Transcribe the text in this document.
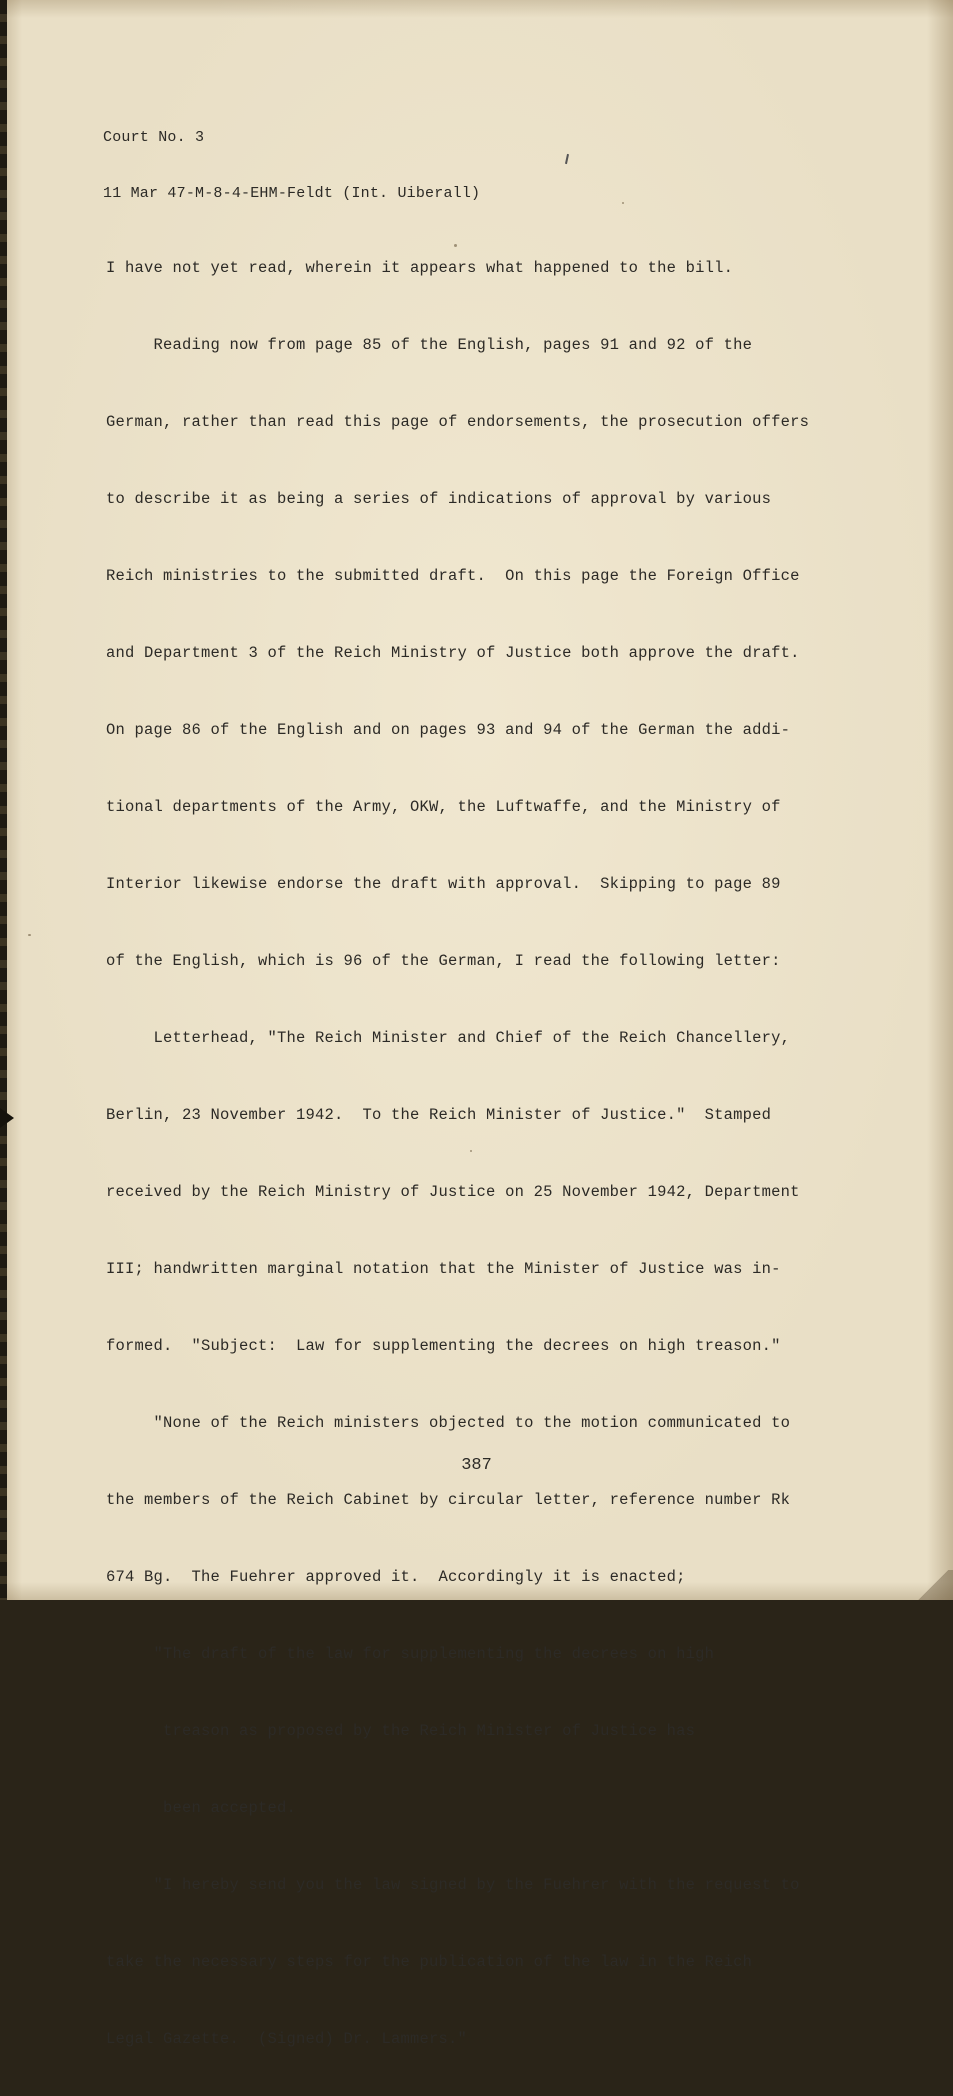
Court No. 3

11 Mar 47-M-8-4-EHM-Feldt (Int. Uiberall)

I have not yet read, wherein it appears what happened to the bill.

Reading now from page 85 of the English, pages 91 and 92 of the

German, rather than read this page of endorsements, the prosecution offers

to describe it as being a series of indications of approval by various

Reich ministries to the submitted draft.  On this page the Foreign Office

and Department 3 of the Reich Ministry of Justice both approve the draft.

On page 86 of the English and on pages 93 and 94 of the German the addi-

tional departments of the Army, OKW, the Luftwaffe, and the Ministry of

Interior likewise endorse the draft with approval.  Skipping to page 89

of the English, which is 96 of the German, I read the following letter:

Letterhead, "The Reich Minister and Chief of the Reich Chancellery,

Berlin, 23 November 1942.  To the Reich Minister of Justice."  Stamped

received by the Reich Ministry of Justice on 25 November 1942, Department

III; handwritten marginal notation that the Minister of Justice was in-

formed.  "Subject:  Law for supplementing the decrees on high treason."

"None of the Reich ministers objected to the motion communicated to

the members of the Reich Cabinet by circular letter, reference number Rk

674 Bg.  The Fuehrer approved it.  Accordingly it is enacted;

"The draft of the law for supplementing the decrees on high

treason as proposed by the Reich Minister of Justice has

been accepted.

"I hereby send you the law signed by the Fuehrer with the request to

take the necessary steps for the publication of the law in the Reich

Legal Gazette.  (Signed) Dr. Lammers."

387
